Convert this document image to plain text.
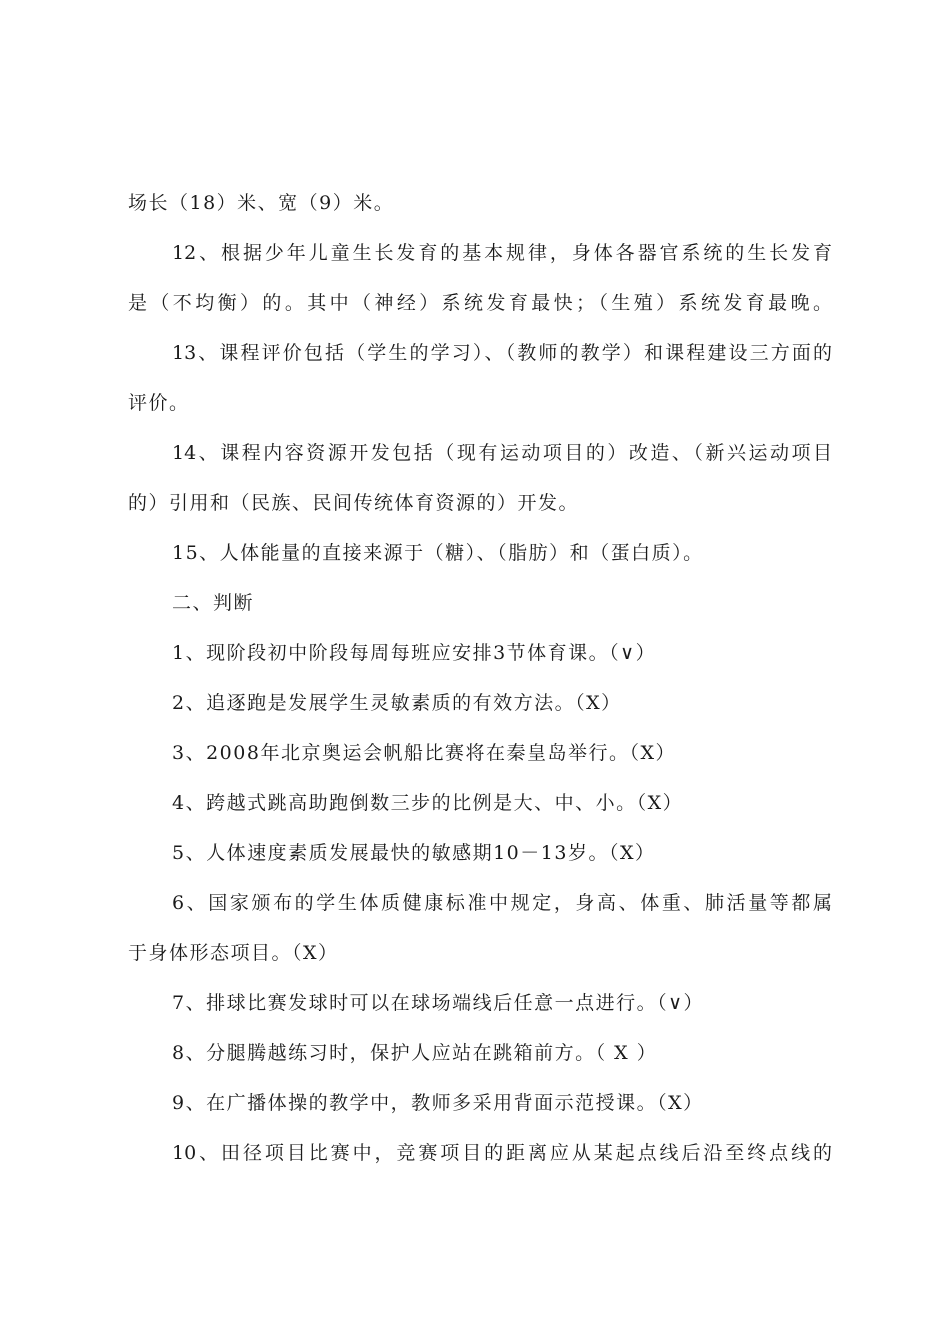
场长（18）米、宽（9）米。
12、根据少年儿童生长发育的基本规律，身体各器官系统的生长发育
是（不均衡）的。其中（神经）系统发育最快；（生殖）系统发育最晚。
13、课程评价包括（学生的学习）、（教师的教学）和课程建设三方面的
评价。
14、课程内容资源开发包括（现有运动项目的）改造、（新兴运动项目
的）引用和（民族、民间传统体育资源的）开发。
15、人体能量的直接来源于（糖）、（脂肪）和（蛋白质）。
二、判断
1、现阶段初中阶段每周每班应安排3节体育课。（∨）
2、追逐跑是发展学生灵敏素质的有效方法。（X）
3、2008年北京奥运会帆船比赛将在秦皇岛举行。（X）
4、跨越式跳高助跑倒数三步的比例是大、中、小。（X）
5、人体速度素质发展最快的敏感期10－13岁。（X）
6、国家颁布的学生体质健康标准中规定，身高、体重、肺活量等都属
于身体形态项目。（X）
7、排球比赛发球时可以在球场端线后任意一点进行。（∨）
8、分腿腾越练习时，保护人应站在跳箱前方。（ X ）
9、在广播体操的教学中，教师多采用背面示范授课。（X）
10、田径项目比赛中，竞赛项目的距离应从某起点线后沿至终点线的
